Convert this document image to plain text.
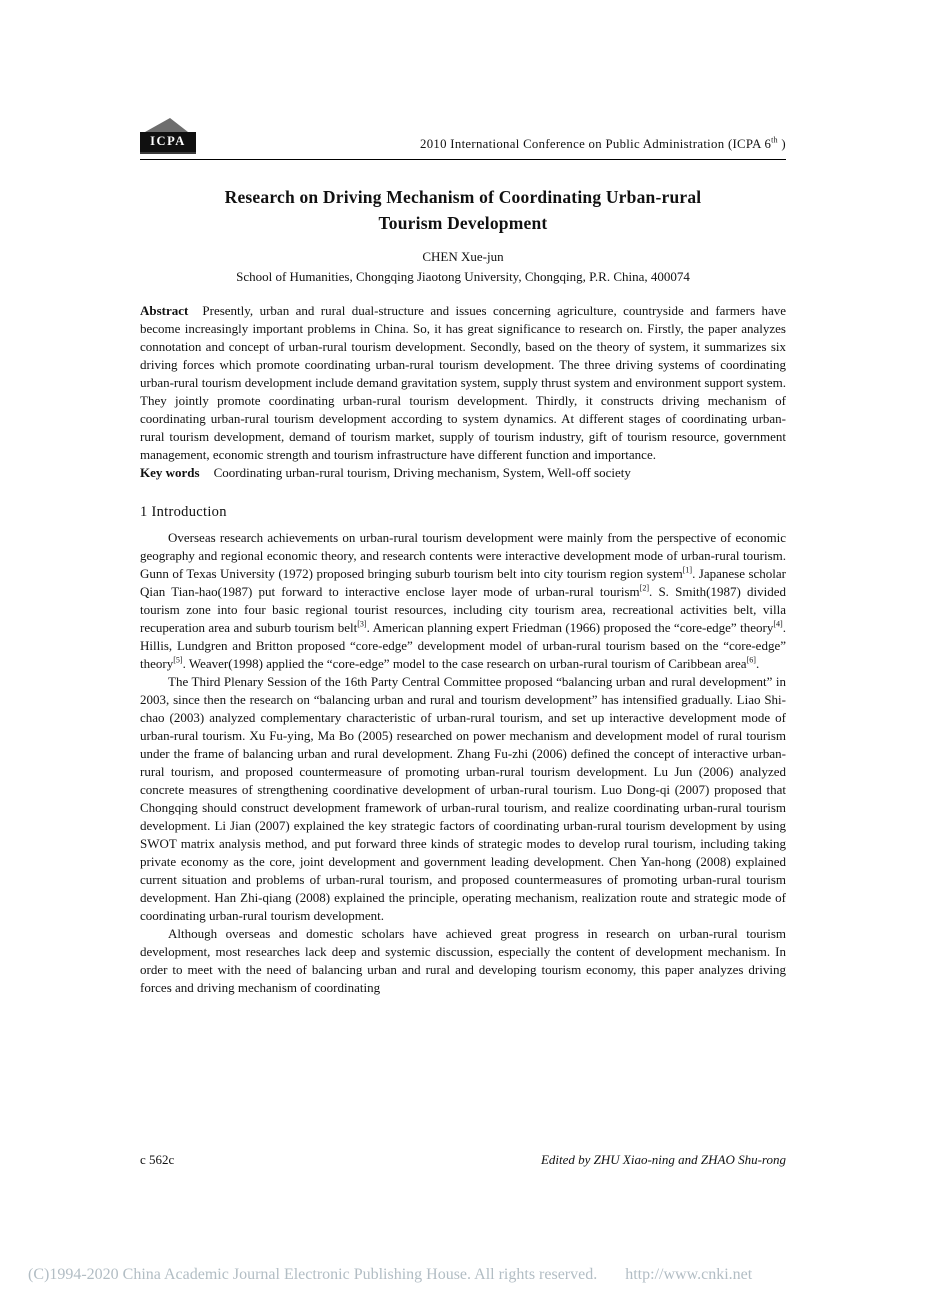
ICPA	2010 International Conference on Public Administration (ICPA 6th )
Research on Driving Mechanism of Coordinating Urban-rural
Tourism Development
CHEN Xue-jun
School of Humanities, Chongqing Jiaotong University, Chongqing, P.R. China, 400074
Abstract Presently, urban and rural dual-structure and issues concerning agriculture, countryside and farmers have become increasingly important problems in China. So, it has great significance to research on. Firstly, the paper analyzes connotation and concept of urban-rural tourism development. Secondly, based on the theory of system, it summarizes six driving forces which promote coordinating urban-rural tourism development. The three driving systems of coordinating urban-rural tourism development include demand gravitation system, supply thrust system and environment support system. They jointly promote coordinating urban-rural tourism development. Thirdly, it constructs driving mechanism of coordinating urban-rural tourism development according to system dynamics. At different stages of coordinating urban-rural tourism development, demand of tourism market, supply of tourism industry, gift of tourism resource, government management, economic strength and tourism infrastructure have different function and importance.
Key words Coordinating urban-rural tourism, Driving mechanism, System, Well-off society
1 Introduction

Overseas research achievements on urban-rural tourism development were mainly from the perspective of economic geography and regional economic theory, and research contents were interactive development mode of urban-rural tourism. Gunn of Texas University (1972) proposed bringing suburb tourism belt into city tourism region system[1]. Japanese scholar Qian Tian-hao(1987) put forward to interactive enclose layer mode of urban-rural tourism[2]. S. Smith(1987) divided tourism zone into four basic regional tourist resources, including city tourism area, recreational activities belt, villa recuperation area and suburb tourism belt[3]. American planning expert Friedman (1966) proposed the “core-edge” theory[4]. Hillis, Lundgren and Britton proposed “core-edge” development model of urban-rural tourism based on the “core-edge” theory[5]. Weaver(1998) applied the “core-edge” model to the case research on urban-rural tourism of Caribbean area[6].

The Third Plenary Session of the 16th Party Central Committee proposed “balancing urban and rural development” in 2003, since then the research on “balancing urban and rural and tourism development” has intensified gradually. Liao Shi-chao (2003) analyzed complementary characteristic of urban-rural tourism, and set up interactive development mode of urban-rural tourism. Xu Fu-ying, Ma Bo (2005) researched on power mechanism and development model of rural tourism under the frame of balancing urban and rural development. Zhang Fu-zhi (2006) defined the concept of interactive urban-rural tourism, and proposed countermeasure of promoting urban-rural tourism development. Lu Jun (2006) analyzed concrete measures of strengthening coordinative development of urban-rural tourism. Luo Dong-qi (2007) proposed that Chongqing should construct development framework of urban-rural tourism, and realize coordinating urban-rural tourism development. Li Jian (2007) explained the key strategic factors of coordinating urban-rural tourism development by using SWOT matrix analysis method, and put forward three kinds of strategic modes to develop rural tourism, including taking private economy as the core, joint development and government leading development. Chen Yan-hong (2008) explained current situation and problems of urban-rural tourism, and proposed countermeasures of promoting urban-rural tourism development. Han Zhi-qiang (2008) explained the principle, operating mechanism, realization route and strategic mode of coordinating urban-rural tourism development.

Although overseas and domestic scholars have achieved great progress in research on urban-rural tourism development, most researches lack deep and systemic discussion, especially the content of development mechanism. In order to meet with the need of balancing urban and rural and developing tourism economy, this paper analyzes driving forces and driving mechanism of coordinating

c 562c	Edited by ZHU Xiao-ning and ZHAO Shu-rong
(C)1994-2020 China Academic Journal Electronic Publishing House. All rights reserved. http://www.cnki.net
